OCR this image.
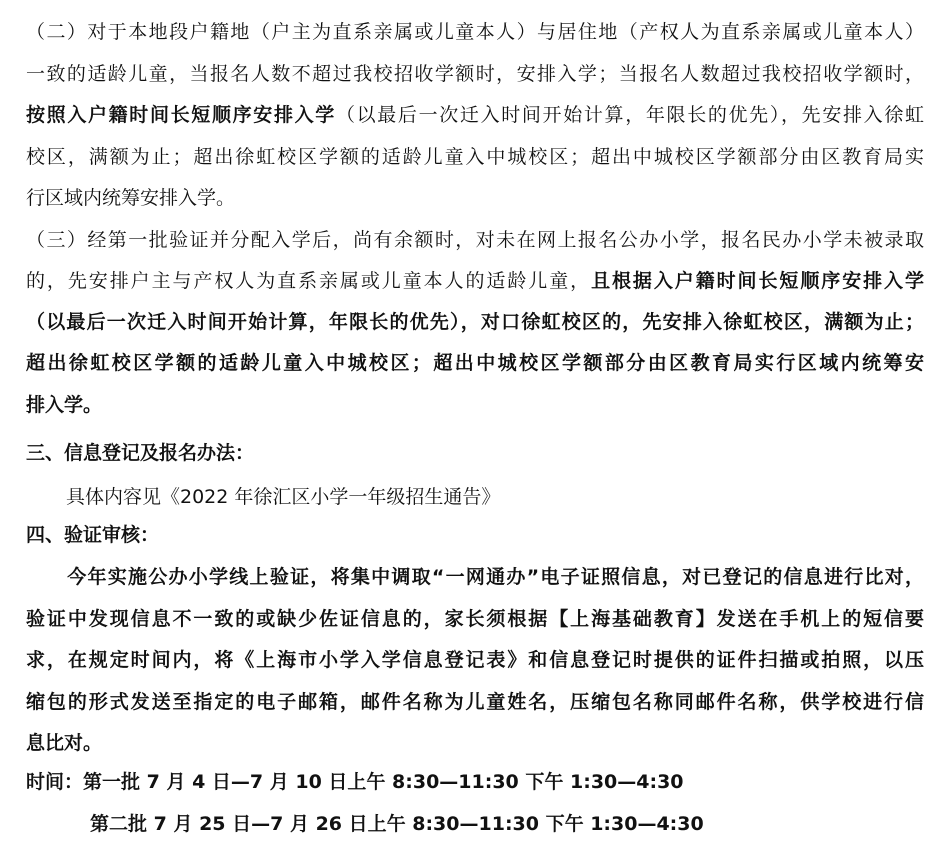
（二）对于本地段户籍地（户主为直系亲属或儿童本人）与居住地（产权人为直系亲属或儿童本人）
一致的适龄儿童，当报名人数不超过我校招收学额时，安排入学；当报名人数超过我校招收学额时，
按照入户籍时间长短顺序安排入学（以最后一次迁入时间开始计算，年限长的优先），先安排入徐虹
校区，满额为止；超出徐虹校区学额的适龄儿童入中城校区；超出中城校区学额部分由区教育局实
行区域内统筹安排入学。
（三）经第一批验证并分配入学后，尚有余额时，对未在网上报名公办小学，报名民办小学未被录取
的，先安排户主与产权人为直系亲属或儿童本人的适龄儿童，且根据入户籍时间长短顺序安排入学
（以最后一次迁入时间开始计算，年限长的优先），对口徐虹校区的，先安排入徐虹校区，满额为止；
超出徐虹校区学额的适龄儿童入中城校区；超出中城校区学额部分由区教育局实行区域内统筹安
排入学。
三、信息登记及报名办法：
具体内容见《2022 年徐汇区小学一年级招生通告》
四、验证审核：
今年实施公办小学线上验证，将集中调取“一网通办”电子证照信息，对已登记的信息进行比对，
验证中发现信息不一致的或缺少佐证信息的，家长须根据【上海基础教育】发送在手机上的短信要
求，在规定时间内，将《上海市小学入学信息登记表》和信息登记时提供的证件扫描或拍照，以压
缩包的形式发送至指定的电子邮箱，邮件名称为儿童姓名，压缩包名称同邮件名称，供学校进行信
息比对。
时间：第一批 7 月 4 日—7 月 10 日上午 8:30—11:30 下午 1:30—4:30
第二批 7 月 25 日—7 月 26 日上午 8:30—11:30 下午 1:30—4:30
